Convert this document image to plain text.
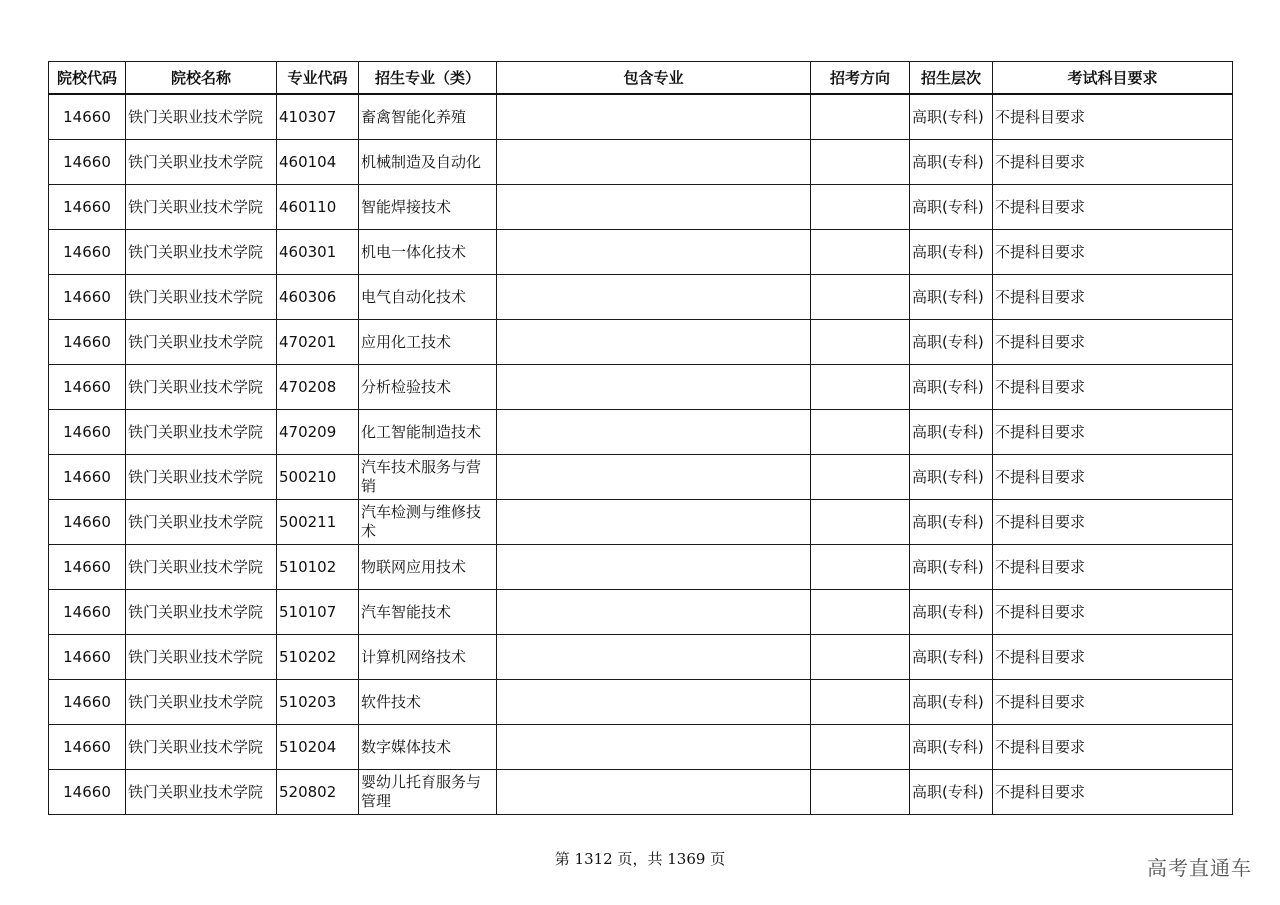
院校代码	院校名称	专业代码	招生专业（类）	包含专业	招考方向	招生层次	考试科目要求
14660	铁门关职业技术学院	410307	畜禽智能化养殖			高职(专科)	不提科目要求
14660	铁门关职业技术学院	460104	机械制造及自动化			高职(专科)	不提科目要求
14660	铁门关职业技术学院	460110	智能焊接技术			高职(专科)	不提科目要求
14660	铁门关职业技术学院	460301	机电一体化技术			高职(专科)	不提科目要求
14660	铁门关职业技术学院	460306	电气自动化技术			高职(专科)	不提科目要求
14660	铁门关职业技术学院	470201	应用化工技术			高职(专科)	不提科目要求
14660	铁门关职业技术学院	470208	分析检验技术			高职(专科)	不提科目要求
14660	铁门关职业技术学院	470209	化工智能制造技术			高职(专科)	不提科目要求
14660	铁门关职业技术学院	500210	汽车技术服务与营销			高职(专科)	不提科目要求
14660	铁门关职业技术学院	500211	汽车检测与维修技术			高职(专科)	不提科目要求
14660	铁门关职业技术学院	510102	物联网应用技术			高职(专科)	不提科目要求
14660	铁门关职业技术学院	510107	汽车智能技术			高职(专科)	不提科目要求
14660	铁门关职业技术学院	510202	计算机网络技术			高职(专科)	不提科目要求
14660	铁门关职业技术学院	510203	软件技术			高职(专科)	不提科目要求
14660	铁门关职业技术学院	510204	数字媒体技术			高职(专科)	不提科目要求
14660	铁门关职业技术学院	520802	婴幼儿托育服务与管理			高职(专科)	不提科目要求
第 1312 页，共 1369 页	高考直通车
